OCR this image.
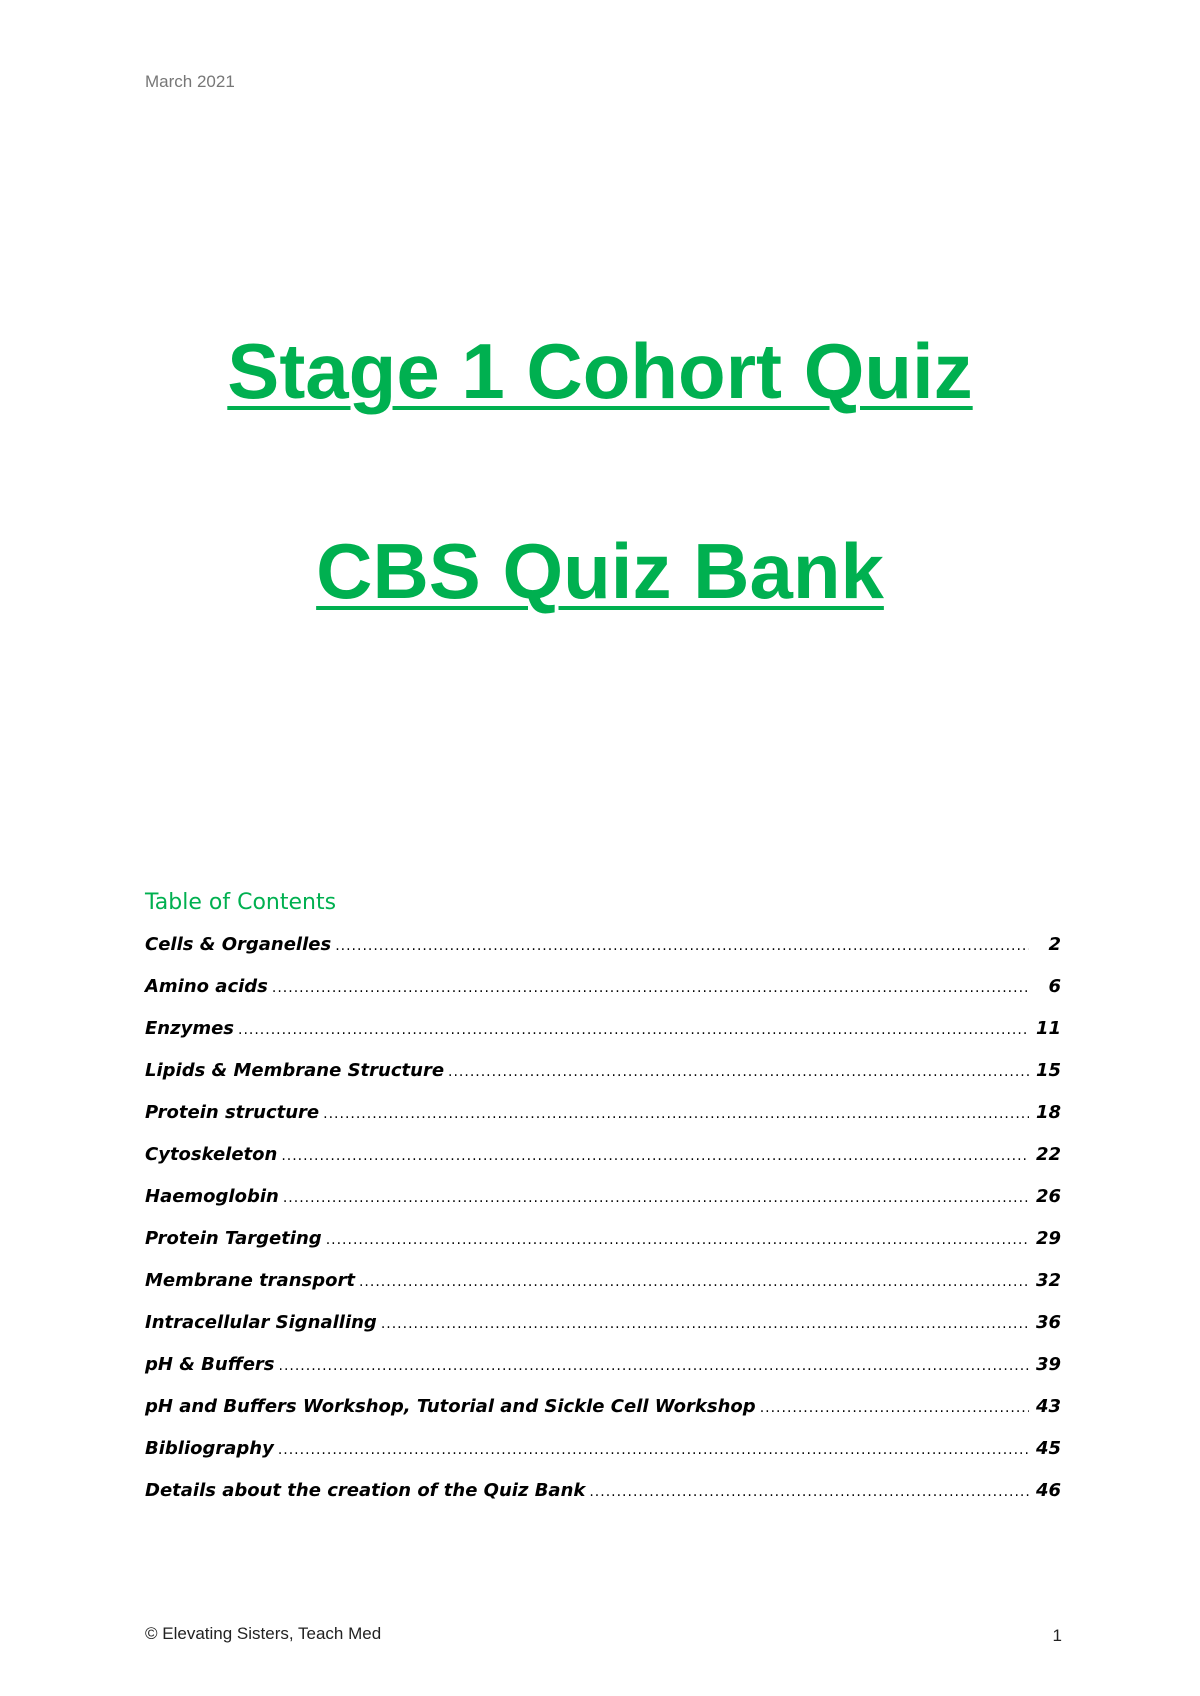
March 2021
Stage 1 Cohort Quiz
CBS Quiz Bank
Table of Contents
Cells & Organelles .....	2
Amino acids .....	6
Enzymes .....	11
Lipids & Membrane Structure .....	15
Protein structure .....	18
Cytoskeleton .....	22
Haemoglobin .....	26
Protein Targeting .....	29
Membrane transport .....	32
Intracellular Signalling .....	36
pH & Buffers .....	39
pH and Buffers Workshop, Tutorial and Sickle Cell Workshop .....	43
Bibliography .....	45
Details about the creation of the Quiz Bank .....	46
© Elevating Sisters, Teach Med	1
